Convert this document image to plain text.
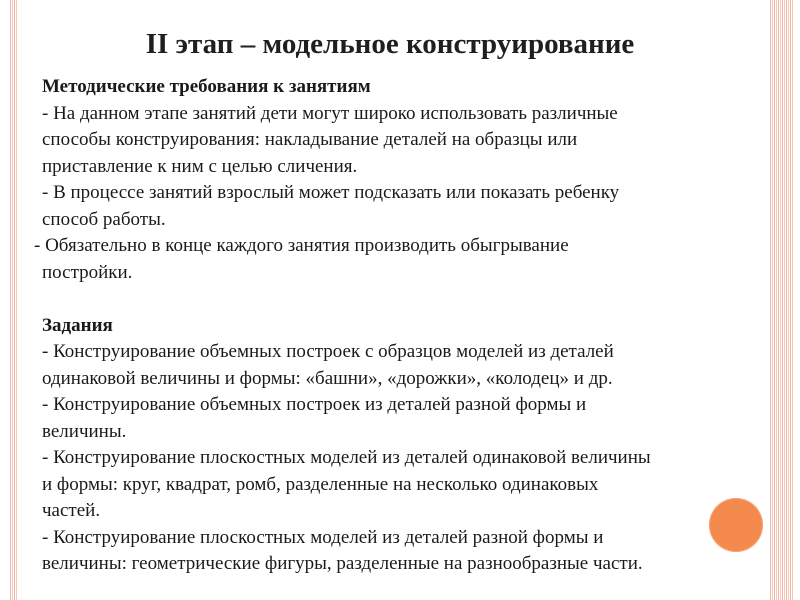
II этап – модельное конструирование

Методические требования к занятиям

- На данном этапе занятий дети могут широко использовать различные

способы конструирования: накладывание деталей на образцы или

приставление к ним с целью сличения.

- В процессе занятий взрослый может подсказать или показать ребенку

способ работы.

- Обязательно в конце каждого занятия производить обыгрывание

постройки.

Задания

- Конструирование объемных построек с образцов моделей из деталей

одинаковой величины и формы: «башни», «дорожки», «колодец» и др.

- Конструирование объемных построек из деталей разной формы и

величины.

- Конструирование плоскостных моделей из деталей одинаковой величины

и формы: круг, квадрат, ромб, разделенные на несколько одинаковых

частей.

- Конструирование плоскостных моделей из деталей разной формы и

величины: геометрические фигуры, разделенные на разнообразные части.
